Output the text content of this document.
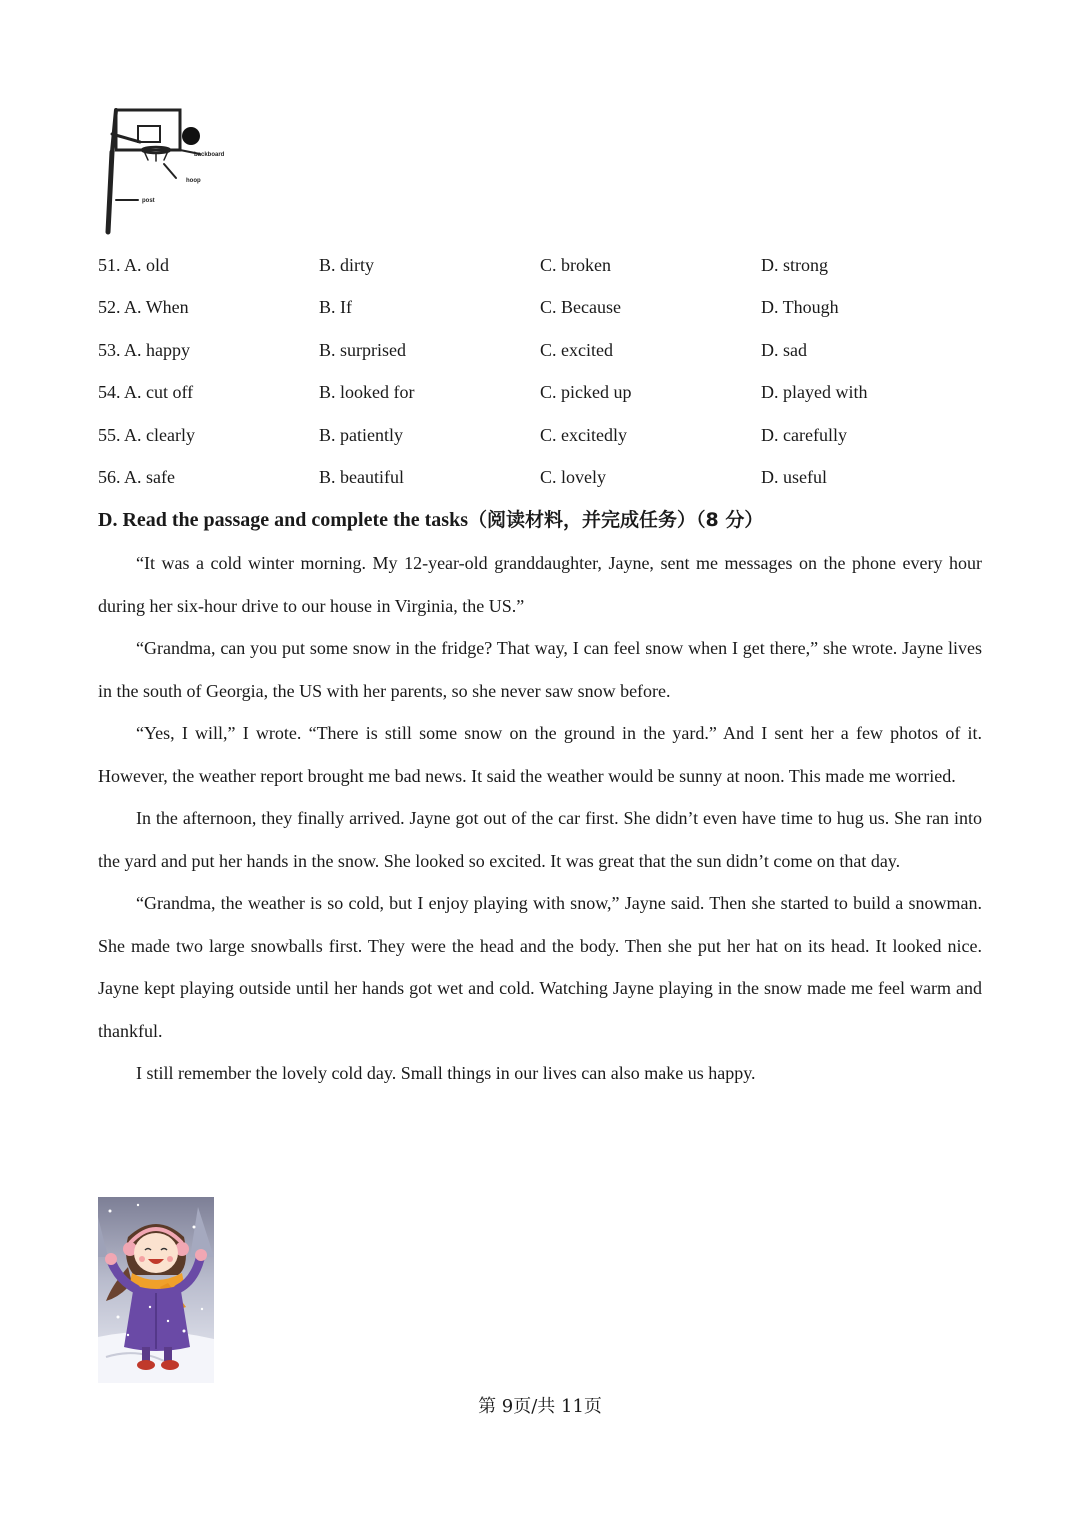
backboard
hoop
post
51. A. old	B. dirty	C. broken	D. strong
52. A. When	B. If	C. Because	D. Though
53. A. happy	B. surprised	C. excited	D. sad
54. A. cut off	B. looked for	C. picked up	D. played with
55. A. clearly	B. patiently	C. excitedly	D. carefully
56. A. safe	B. beautiful	C. lovely	D. useful
D. Read the passage and complete the tasks（阅读材料，并完成任务）（8 分）

“It was a cold winter morning. My 12-year-old granddaughter, Jayne, sent me messages on the phone every hour during her six-hour drive to our house in Virginia, the US.”

“Grandma, can you put some snow in the fridge? That way, I can feel snow when I get there,” she wrote. Jayne lives in the south of Georgia, the US with her parents, so she never saw snow before.

“Yes, I will,” I wrote. “There is still some snow on the ground in the yard.” And I sent her a few photos of it. However, the weather report brought me bad news. It said the weather would be sunny at noon. This made me worried.

In the afternoon, they finally arrived. Jayne got out of the car first. She didn’t even have time to hug us. She ran into the yard and put her hands in the snow. She looked so excited. It was great that the sun didn’t come on that day.

“Grandma, the weather is so cold, but I enjoy playing with snow,” Jayne said. Then she started to build a snowman. She made two large snowballs first. They were the head and the body. Then she put her hat on its head. It looked nice. Jayne kept playing outside until her hands got wet and cold. Watching Jayne playing in the snow made me feel warm and thankful.

I still remember the lovely cold day. Small things in our lives can also make us happy.

第 9页/共 11页
